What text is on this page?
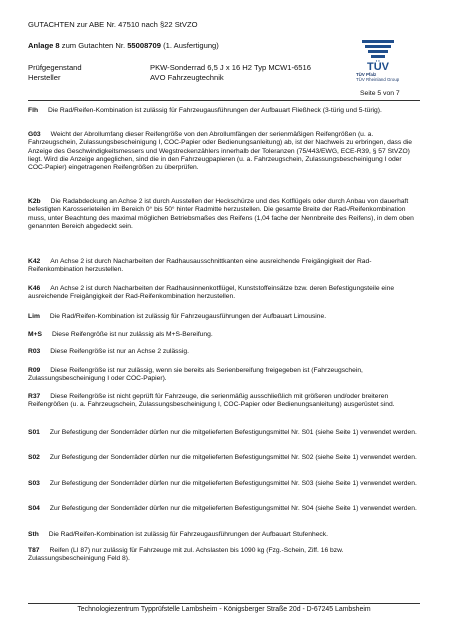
GUTACHTEN zur ABE Nr. 47510 nach §22 StVZO
Anlage 8 zum Gutachten Nr. 55008709 (1. Ausfertigung)
Prüfgegenstand	PKW-Sonderrad 6,5 J x 16 H2 Typ MCW1-6516
Hersteller	AVO Fahrzeugtechnik
TÜV
TÜV Pfalz
TÜV Rheinland Group
Seite 5 von 7
Flh Die Rad/Reifen-Kombination ist zulässig für Fahrzeugausführungen der Aufbauart Fließheck (3-türig und 5-türig).
G03 Weicht der Abrollumfang dieser Reifengröße von den Abrollumfängen der serienmäßigen Reifengrößen (u. a. Fahrzeugschein, Zulassungsbescheinigung I, COC-Papier oder Bedienungsanleitung) ab, ist der Nachweis zu erbringen, dass die Anzeige des Geschwindigkeitsmessers und Wegstreckenzählers innerhalb der Toleranzen (75/443/EWG, ECE-R39, § 57 StVZO) liegt. Wird die Anzeige angeglichen, sind die in den Fahrzeugpapieren (u. a. Fahrzeugschein, Zulassungsbescheinigung I oder COC-Papier) eingetragenen Reifengrößen zu überprüfen.
K2b Die Radabdeckung an Achse 2 ist durch Ausstellen der Heckschürze und des Kotflügels oder durch Anbau von dauerhaft befestigten Karosserieteilen im Bereich 0° bis 50° hinter Radmitte herzustellen. Die gesamte Breite der Rad-/Reifenkombination muss, unter Beachtung des maximal möglichen Betriebsmaßes des Reifens (1,04 fache der Nennbreite des Reifens), in dem oben genannten Bereich abgedeckt sein.
K42 An Achse 2 ist durch Nacharbeiten der Radhausausschnittkanten eine ausreichende Freigängigkeit der Rad-Reifenkombination herzustellen.
K46 An Achse 2 ist durch Nacharbeiten der Radhausinnenkotflügel, Kunststoffeinsätze bzw. deren Befestigungsteile eine ausreichende Freigängigkeit der Rad-Reifenkombination herzustellen.
Lim Die Rad/Reifen-Kombination ist zulässig für Fahrzeugausführungen der Aufbauart Limousine.
M+S Diese Reifengröße ist nur zulässig als M+S-Bereifung.
R03 Diese Reifengröße ist nur an Achse 2 zulässig.
R09 Diese Reifengröße ist nur zulässig, wenn sie bereits als Serienbereifung freigegeben ist (Fahrzeugschein, Zulassungsbescheinigung I oder COC-Papier).
R37 Diese Reifengröße ist nicht geprüft für Fahrzeuge, die serienmäßig ausschließlich mit größeren und/oder breiteren Reifengrößen (u. a. Fahrzeugschein, Zulassungsbescheinigung I, COC-Papier oder Bedienungsanleitung) ausgerüstet sind.
S01 Zur Befestigung der Sonderräder dürfen nur die mitgelieferten Befestigungsmittel Nr. S01 (siehe Seite 1) verwendet werden.
S02 Zur Befestigung der Sonderräder dürfen nur die mitgelieferten Befestigungsmittel Nr. S02 (siehe Seite 1) verwendet werden.
S03 Zur Befestigung der Sonderräder dürfen nur die mitgelieferten Befestigungsmittel Nr. S03 (siehe Seite 1) verwendet werden.
S04 Zur Befestigung der Sonderräder dürfen nur die mitgelieferten Befestigungsmittel Nr. S04 (siehe Seite 1) verwendet werden.
Sth Die Rad/Reifen-Kombination ist zulässig für Fahrzeugausführungen der Aufbauart Stufenheck.
T87 Reifen (LI 87) nur zulässig für Fahrzeuge mit zul. Achslasten bis 1090 kg (Fzg.-Schein, Ziff. 16 bzw. Zulassungsbescheinigung Feld 8).
Technologiezentrum Typprüfstelle Lambsheim - Königsberger Straße 20d - D-67245 Lambsheim
